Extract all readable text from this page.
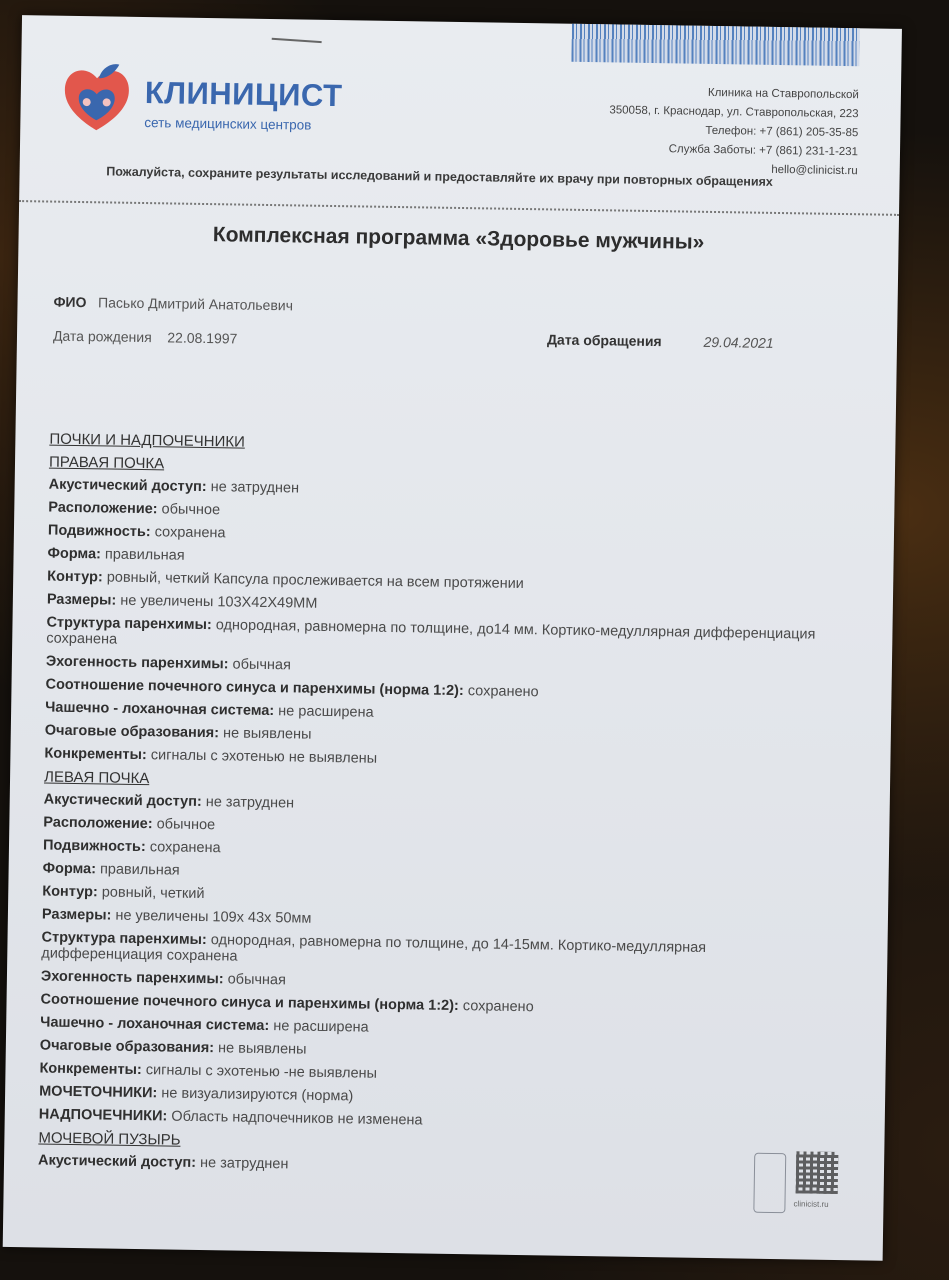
КЛИНИЦИСТ
сеть медицинских центров
Клиника на Ставропольской
350058, г. Краснодар, ул. Ставропольская, 223
Телефон: +7 (861) 205-35-85
Служба Заботы: +7 (861) 231-1-231
hello@clinicist.ru
Пожалуйста, сохраните результаты исследований и предоставляйте их врачу при повторных обращениях
Комплексная программа «Здоровье мужчины»
ФИО Пасько Дмитрий Анатольевич
Дата рождения 22.08.1997	Дата обращения	29.04.2021
ПОЧКИ И НАДПОЧЕЧНИКИ
ПРАВАЯ ПОЧКА
Акустический доступ: не затруднен
Расположение: обычное
Подвижность: сохранена
Форма: правильная
Контур: ровный, четкий Капсула прослеживается на всем протяжении
Размеры: не увеличены 103Х42Х49ММ
Структура паренхимы: однородная, равномерна по толщине, до14 мм. Кортико-медуллярная дифференциация сохранена
Эхогенность паренхимы: обычная
Соотношение почечного синуса и паренхимы (норма 1:2): сохранено
Чашечно - лоханочная система: не расширена
Очаговые образования: не выявлены
Конкременты: сигналы с эхотенью не выявлены
ЛЕВАЯ ПОЧКА
Акустический доступ: не затруднен
Расположение: обычное
Подвижность: сохранена
Форма: правильная
Контур: ровный, четкий
Размеры: не увеличены 109х 43х 50мм
Структура паренхимы: однородная, равномерна по толщине, до 14-15мм. Кортико-медуллярная дифференциация сохранена
Эхогенность паренхимы: обычная
Соотношение почечного синуса и паренхимы (норма 1:2): сохранено
Чашечно - лоханочная система: не расширена
Очаговые образования: не выявлены
Конкременты: сигналы с эхотенью -не выявлены
МОЧЕТОЧНИКИ: не визуализируются (норма)
НАДПОЧЕЧНИКИ: Область надпочечников не изменена
МОЧЕВОЙ ПУЗЫРЬ
Акустический доступ: не затруднен
clinicist.ru
